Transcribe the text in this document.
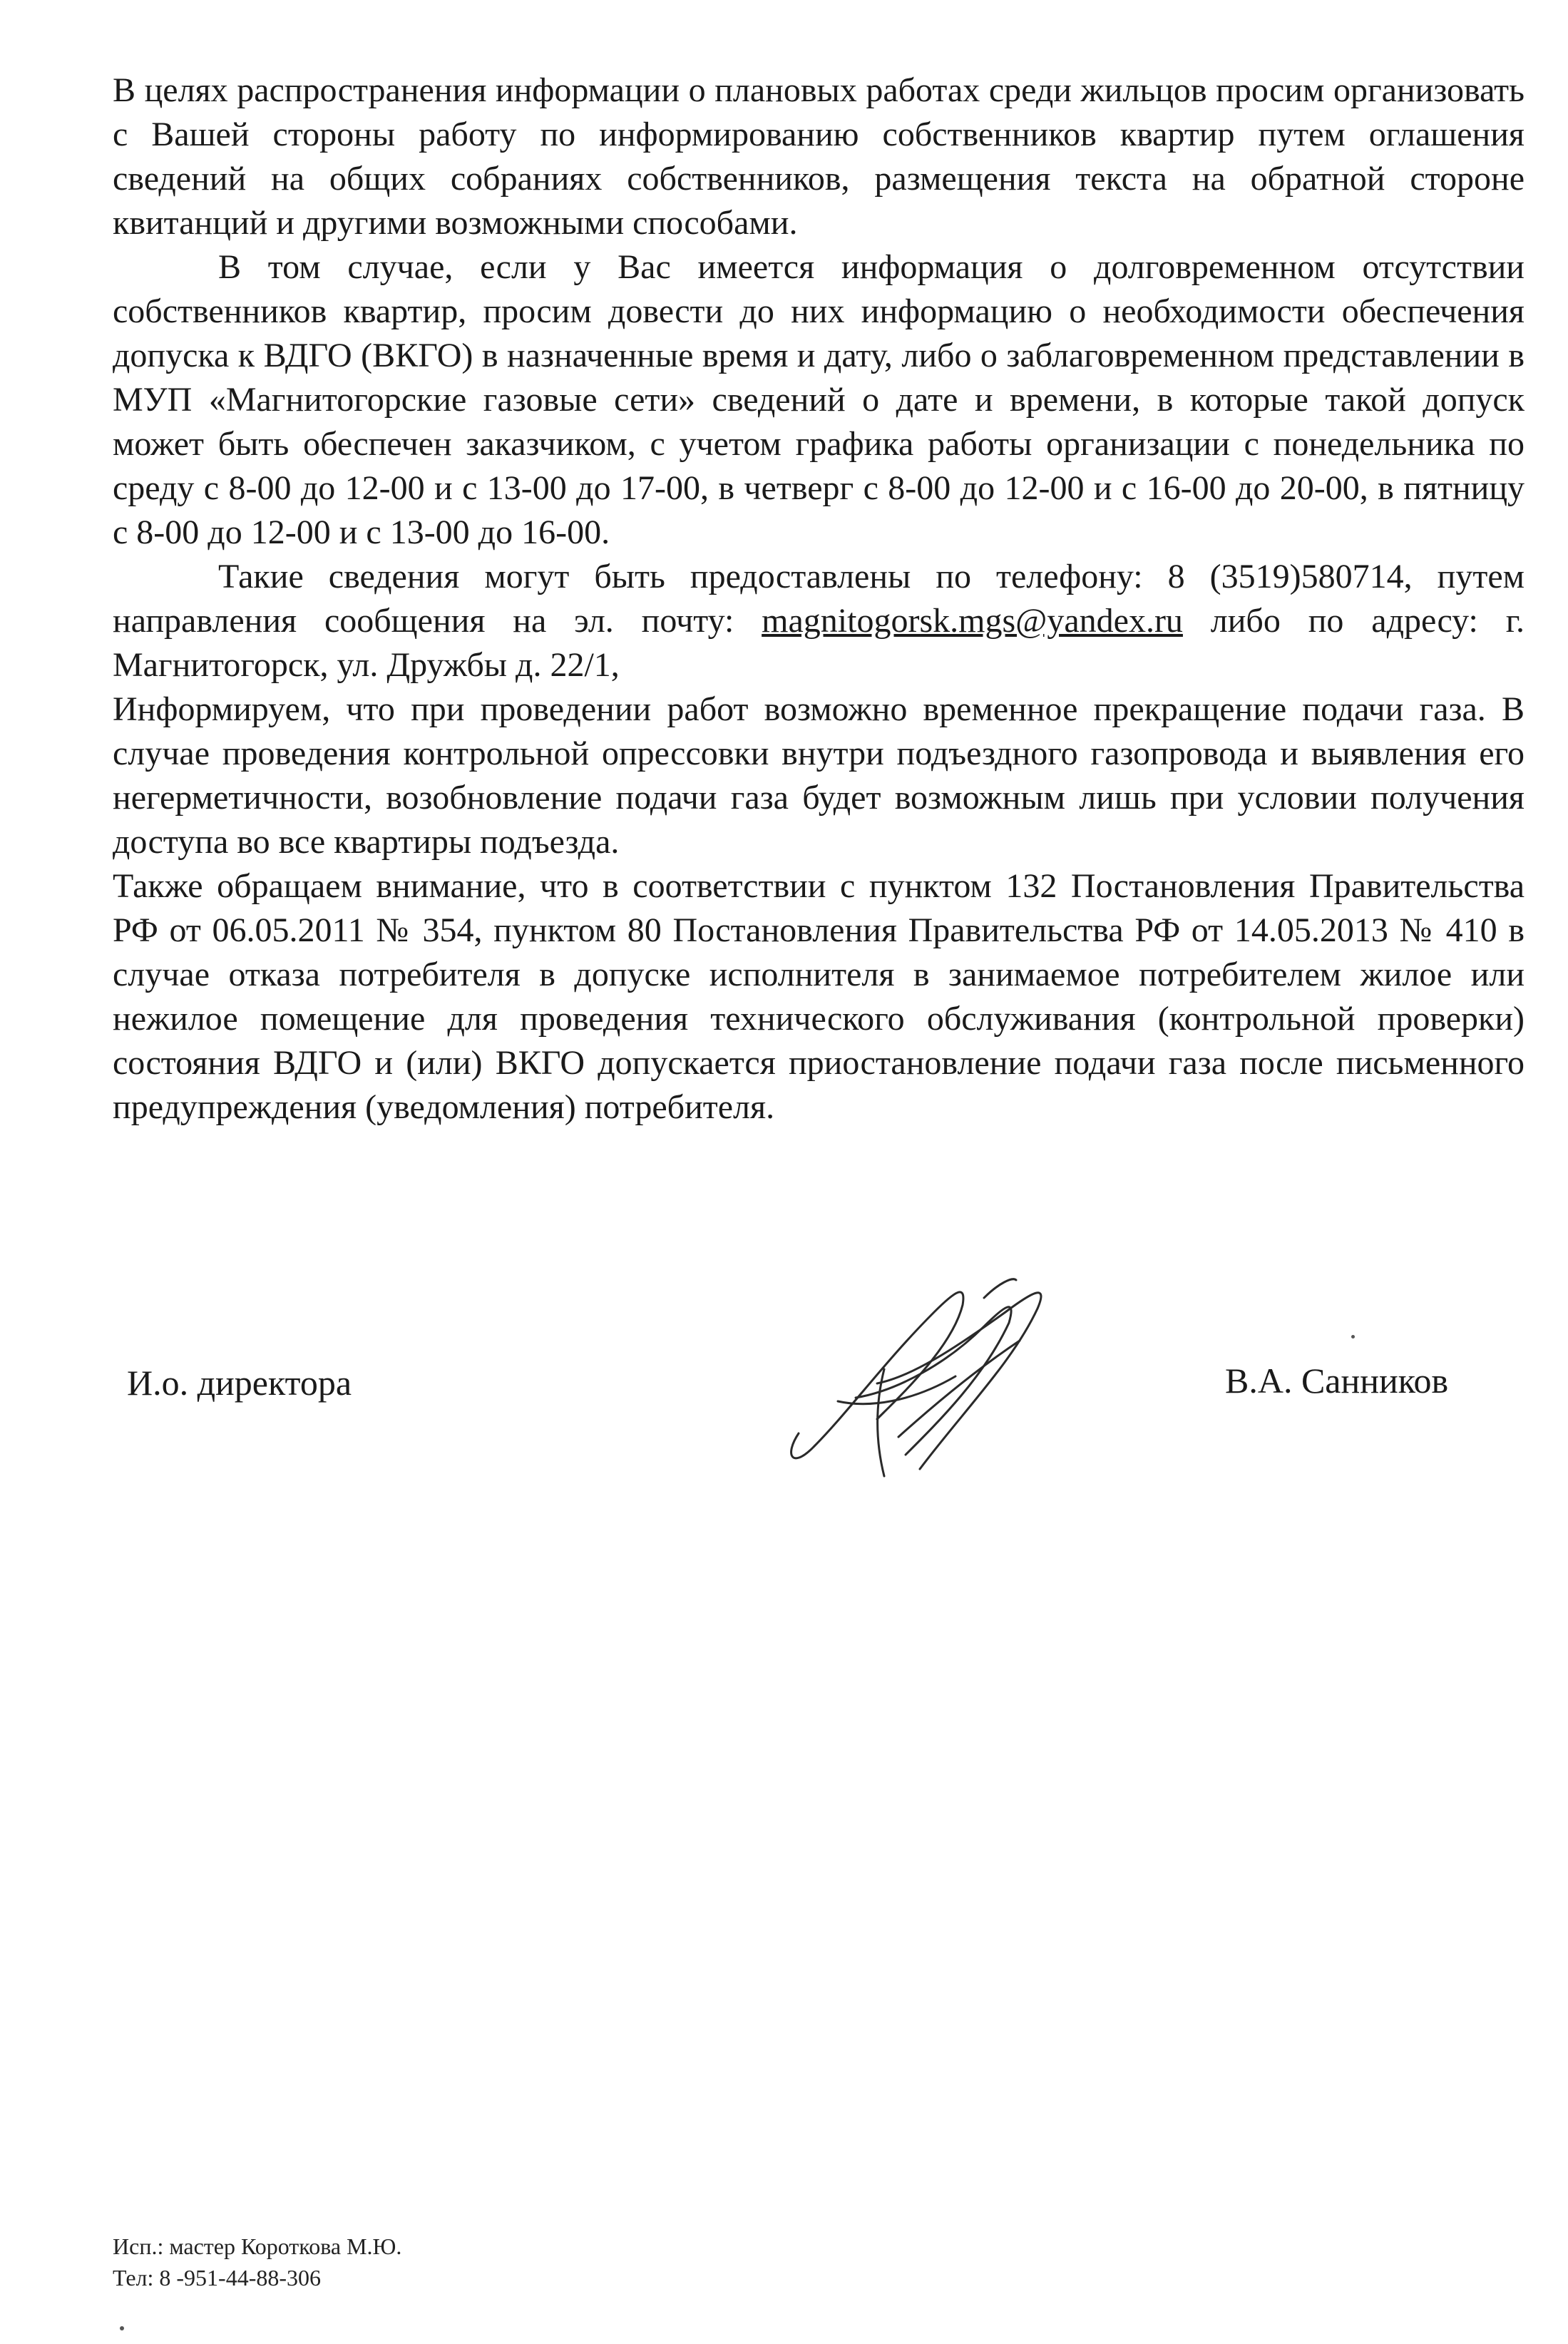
В целях распространения информации о плановых работах среди жильцов просим организовать с Вашей стороны работу по информированию собственников квартир путем оглашения сведений на общих собраниях собственников, размещения текста на обратной стороне квитанций и другими возможными способами.

В том случае, если у Вас имеется информация о долговременном отсутствии собственников квартир, просим довести до них информацию о необходимости обеспечения допуска к ВДГО (ВКГО) в назначенные время и дату, либо о заблаговременном представлении в МУП «Магнитогорские газовые сети» сведений о дате и времени, в которые такой допуск может быть обеспечен заказчиком, с учетом графика работы организации с понедельника по среду с 8-00 до 12-00 и с 13-00 до 17-00, в четверг с 8-00 до 12-00 и с 16-00 до 20-00, в пятницу с 8-00 до 12-00 и с 13-00 до 16-00.

Такие сведения могут быть предоставлены по телефону: 8 (3519)580714, путем направления сообщения на эл. почту: magnitogorsk.mgs@yandex.ru либо по адресу: г. Магнитогорск, ул. Дружбы д. 22/1,

Информируем, что при проведении работ возможно временное прекращение подачи газа. В случае проведения контрольной опрессовки внутри подъездного газопровода и выявления его негерметичности, возобновление подачи газа будет возможным лишь при условии получения доступа во все квартиры подъезда.

Также обращаем внимание, что в соответствии с пунктом 132 Постановления Правительства РФ от 06.05.2011 № 354, пунктом 80 Постановления Правительства РФ от 14.05.2013 № 410 в случае отказа потребителя в допуске исполнителя в занимаемое потребителем жилое или нежилое помещение для проведения технического обслуживания (контрольной проверки) состояния ВДГО и (или) ВКГО допускается приостановление подачи газа после письменного предупреждения (уведомления) потребителя.

И.о. директора	В.А. Санников
Исп.: мастер Короткова М.Ю.
Тел: 8 -951-44-88-306
